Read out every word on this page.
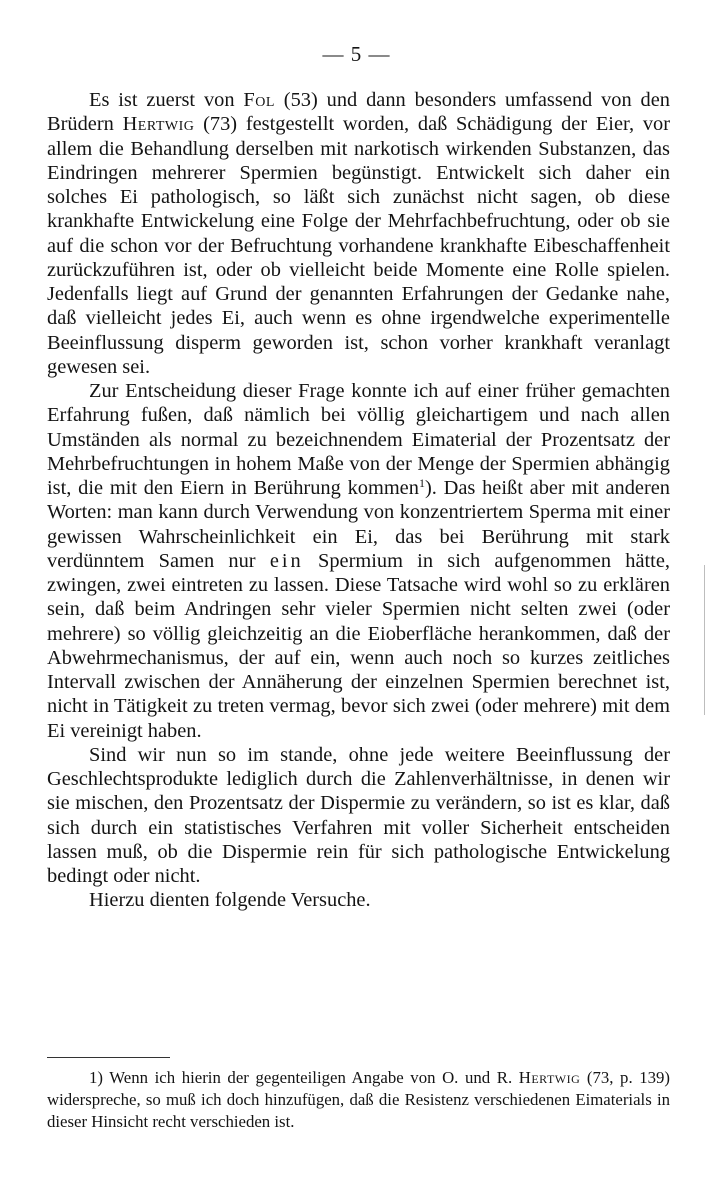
— 5 —

Es ist zuerst von Fol (53) und dann besonders umfassend von den Brüdern Hertwig (73) festgestellt worden, daß Schädigung der Eier, vor allem die Behandlung derselben mit narkotisch wirkenden Substanzen, das Eindringen mehrerer Spermien begünstigt. Entwickelt sich daher ein solches Ei pathologisch, so läßt sich zunächst nicht sagen, ob diese krankhafte Entwickelung eine Folge der Mehrfachbefruchtung, oder ob sie auf die schon vor der Befruchtung vorhandene krankhafte Eibeschaffenheit zurückzuführen ist, oder ob vielleicht beide Momente eine Rolle spielen. Jedenfalls liegt auf Grund der genannten Erfahrungen der Gedanke nahe, daß vielleicht jedes Ei, auch wenn es ohne irgendwelche experimentelle Beeinflussung disperm geworden ist, schon vorher krankhaft veranlagt gewesen sei.

Zur Entscheidung dieser Frage konnte ich auf einer früher gemachten Erfahrung fußen, daß nämlich bei völlig gleichartigem und nach allen Umständen als normal zu bezeichnendem Eimaterial der Prozentsatz der Mehrbefruchtungen in hohem Maße von der Menge der Spermien abhängig ist, die mit den Eiern in Berührung kommen$^1$). Das heißt aber mit anderen Worten: man kann durch Verwendung von konzentriertem Sperma mit einer gewissen Wahrscheinlichkeit ein Ei, das bei Berührung mit stark verdünntem Samen nur ein Spermium in sich aufgenommen hätte, zwingen, zwei eintreten zu lassen. Diese Tatsache wird wohl so zu erklären sein, daß beim Andringen sehr vieler Spermien nicht selten zwei (oder mehrere) so völlig gleichzeitig an die Eioberfläche herankommen, daß der Abwehrmechanismus, der auf ein, wenn auch noch so kurzes zeitliches Intervall zwischen der Annäherung der einzelnen Spermien berechnet ist, nicht in Tätigkeit zu treten vermag, bevor sich zwei (oder mehrere) mit dem Ei vereinigt haben.

Sind wir nun so im stande, ohne jede weitere Beeinflussung der Geschlechtsprodukte lediglich durch die Zahlenverhältnisse, in denen wir sie mischen, den Prozentsatz der Dispermie zu verändern, so ist es klar, daß sich durch ein statistisches Verfahren mit voller Sicherheit entscheiden lassen muß, ob die Dispermie rein für sich pathologische Entwickelung bedingt oder nicht.

Hierzu dienten folgende Versuche.

1) Wenn ich hierin der gegenteiligen Angabe von O. und R. Hertwig (73, p. 139) widerspreche, so muß ich doch hinzufügen, daß die Resistenz verschiedenen Eimaterials in dieser Hinsicht recht verschieden ist.
